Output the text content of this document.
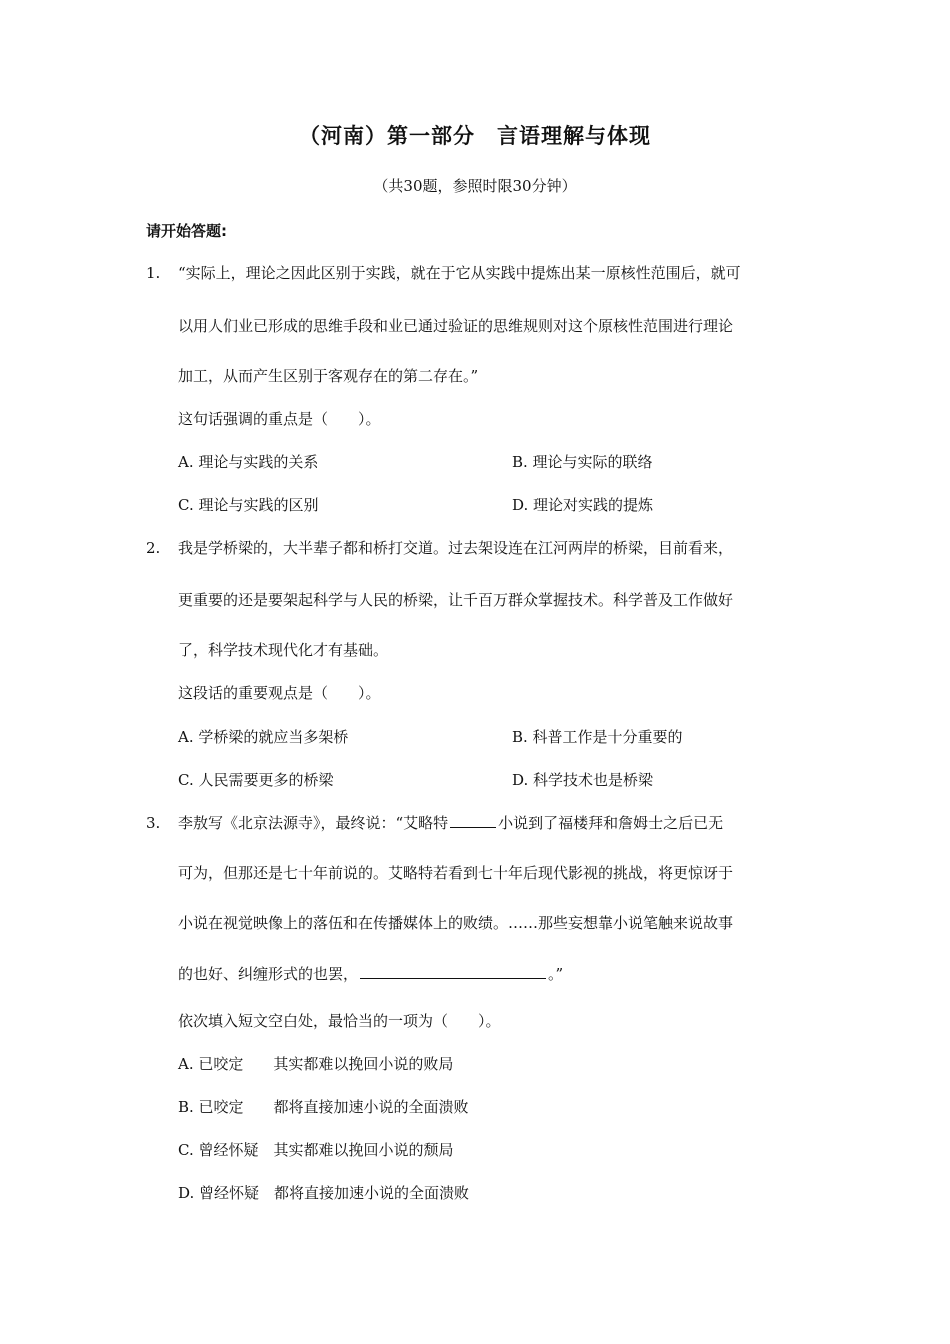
（河南）第一部分　言语理解与体现
（共30题，参照时限30分钟）
请开始答题:
1. “实际上，理论之因此区别于实践，就在于它从实践中提炼出某一原核性范围后，就可
以用人们业已形成的思维手段和业已通过验证的思维规则对这个原核性范围进行理论
加工，从而产生区别于客观存在的第二存在。”
这句话强调的重点是（　　）。
A. 理论与实践的关系	B. 理论与实际的联络
C. 理论与实践的区别	D. 理论对实践的提炼
2. 我是学桥梁的，大半辈子都和桥打交道。过去架设连在江河两岸的桥梁，目前看来，
更重要的还是要架起科学与人民的桥梁，让千百万群众掌握技术。科学普及工作做好
了，科学技术现代化才有基础。
这段话的重要观点是（　　）。
A. 学桥梁的就应当多架桥	B. 科普工作是十分重要的
C. 人民需要更多的桥梁	D. 科学技术也是桥梁
3. 李敖写《北京法源寺》，最终说：“艾略特	小说到了福楼拜和詹姆士之后已无
可为，但那还是七十年前说的。艾略特若看到七十年后现代影视的挑战，将更惊讶于
小说在视觉映像上的落伍和在传播媒体上的败绩。……那些妄想靠小说笔触来说故事
的也好、纠缠形式的也罢，	。”
依次填入短文空白处，最恰当的一项为（　　）。
A. 已咬定　　其实都难以挽回小说的败局
B. 已咬定　　都将直接加速小说的全面溃败
C. 曾经怀疑　其实都难以挽回小说的颓局
D. 曾经怀疑　都将直接加速小说的全面溃败
